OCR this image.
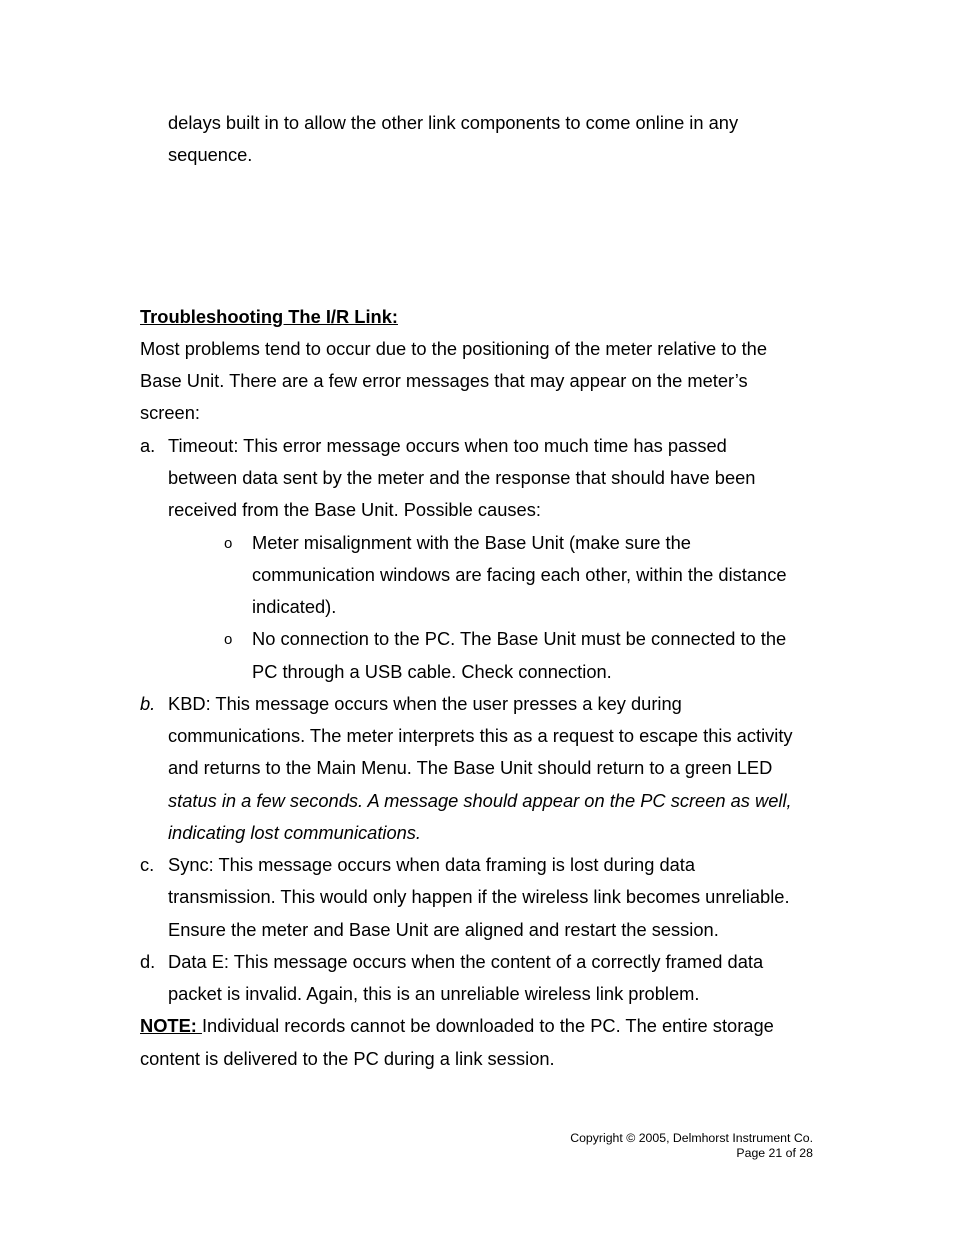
delays built in to allow the other link components to come online in any
sequence.
Troubleshooting The I/R Link:
Most problems tend to occur due to the positioning of the meter relative to the
Base Unit. There are a few error messages that may appear on the meter’s
screen:
a. Timeout: This error message occurs when too much time has passed
between data sent by the meter and the response that should have been
received from the Base Unit. Possible causes:
o Meter misalignment with the Base Unit (make sure the
communication windows are facing each other, within the distance
indicated).
o No connection to the PC. The Base Unit must be connected to the
PC through a USB cable. Check connection.
b. KBD: This message occurs when the user presses a key during
communications. The meter interprets this as a request to escape this activity
and returns to the Main Menu. The Base Unit should return to a green LED
status in a few seconds. A message should appear on the PC screen as well,
indicating lost communications.
c. Sync: This message occurs when data framing is lost during data
transmission. This would only happen if the wireless link becomes unreliable.
Ensure the meter and Base Unit are aligned and restart the session.
d. Data E: This message occurs when the content of a correctly framed data
packet is invalid. Again, this is an unreliable wireless link problem.
NOTE: Individual records cannot be downloaded to the PC. The entire storage
content is delivered to the PC during a link session.
Copyright © 2005, Delmhorst Instrument Co.
Page 21 of 28
